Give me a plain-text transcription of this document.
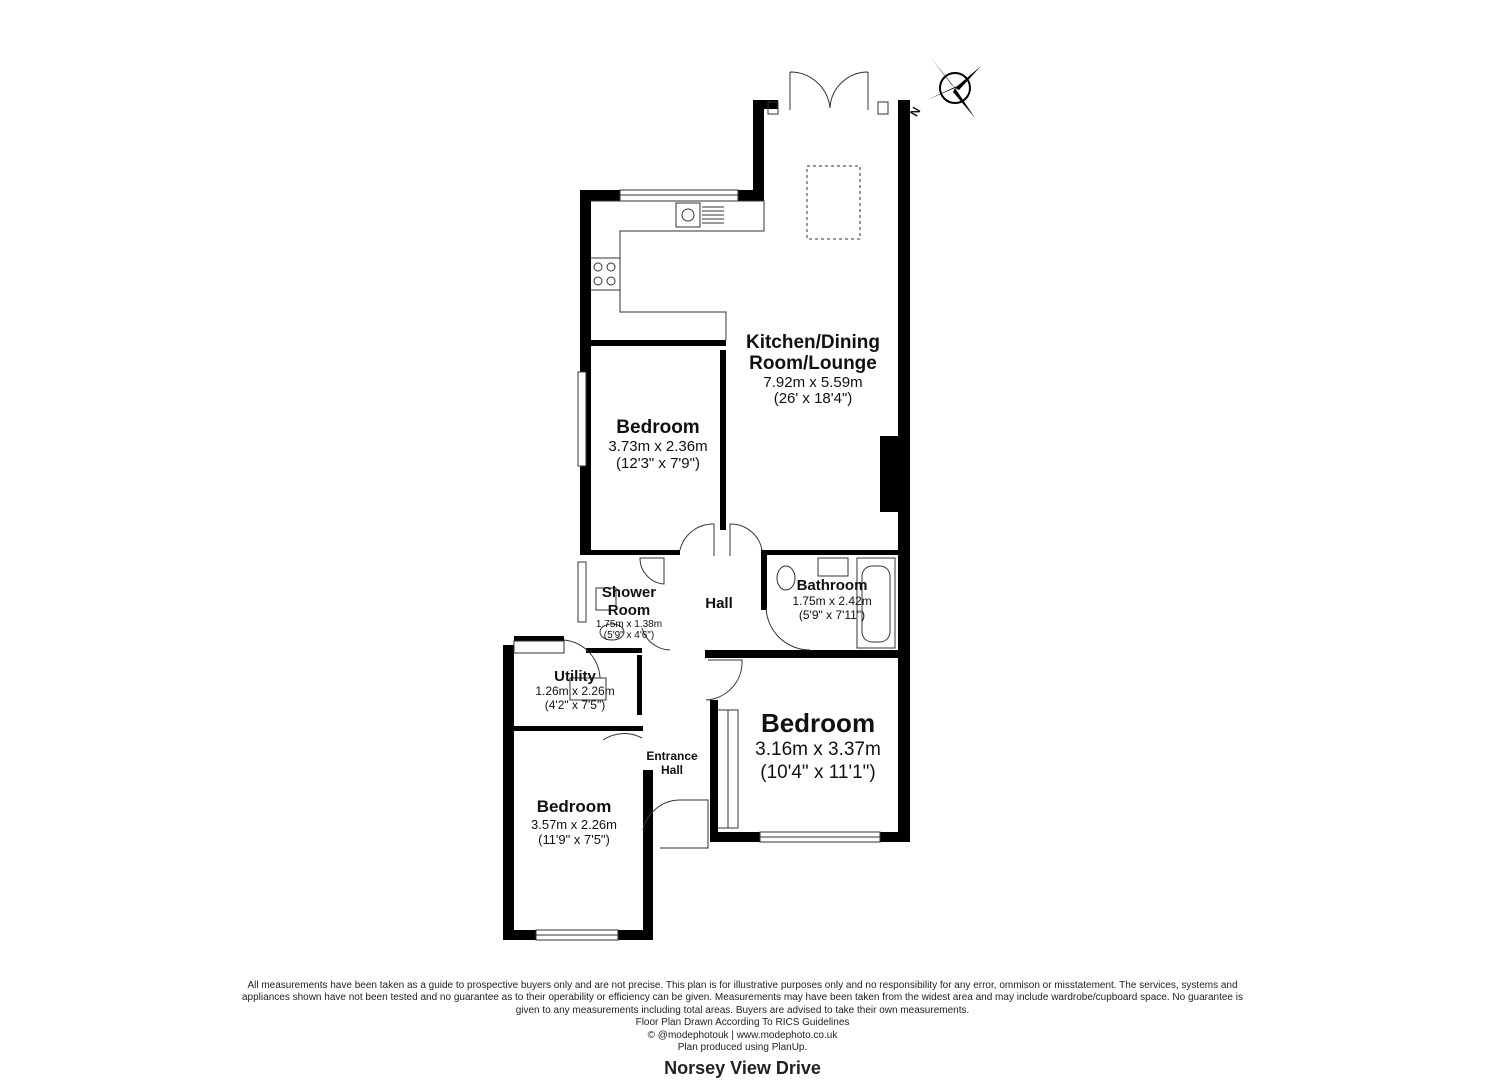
N
Kitchen/Dining
Room/Lounge
7.92m x 5.59m
(26' x 18'4")
Bedroom
3.73m x 2.36m
(12'3" x 7'9")
Shower
Room
1.75m x 1.38m
(5'9" x 4'6")
Hall
Bathroom
1.75m x 2.42m
(5'9" x 7'11")
Utility
1.26m x 2.26m
(4'2" x 7'5")
Bedroom
3.16m x 3.37m
(10'4" x 11'1")
Entrance
Hall
Bedroom
3.57m x 2.26m
(11'9" x 7'5")
All measurements have been taken as a guide to prospective buyers only and are not precise. This plan is for illustrative purposes only and no responsibility for any error, ommison or misstatement. The services, systems and appliances shown have not been tested and no guarantee as to their operability or efficiency can be given. Measurements may have been taken from the widest area and may include wardrobe/cupboard space. No guarantee is given to any measurements including total areas. Buyers are advised to take their own measurements.
Floor Plan Drawn According To RICS Guidelines
© @modephotouk | www.modephoto.co.uk
Plan produced using PlanUp.
Norsey View Drive
